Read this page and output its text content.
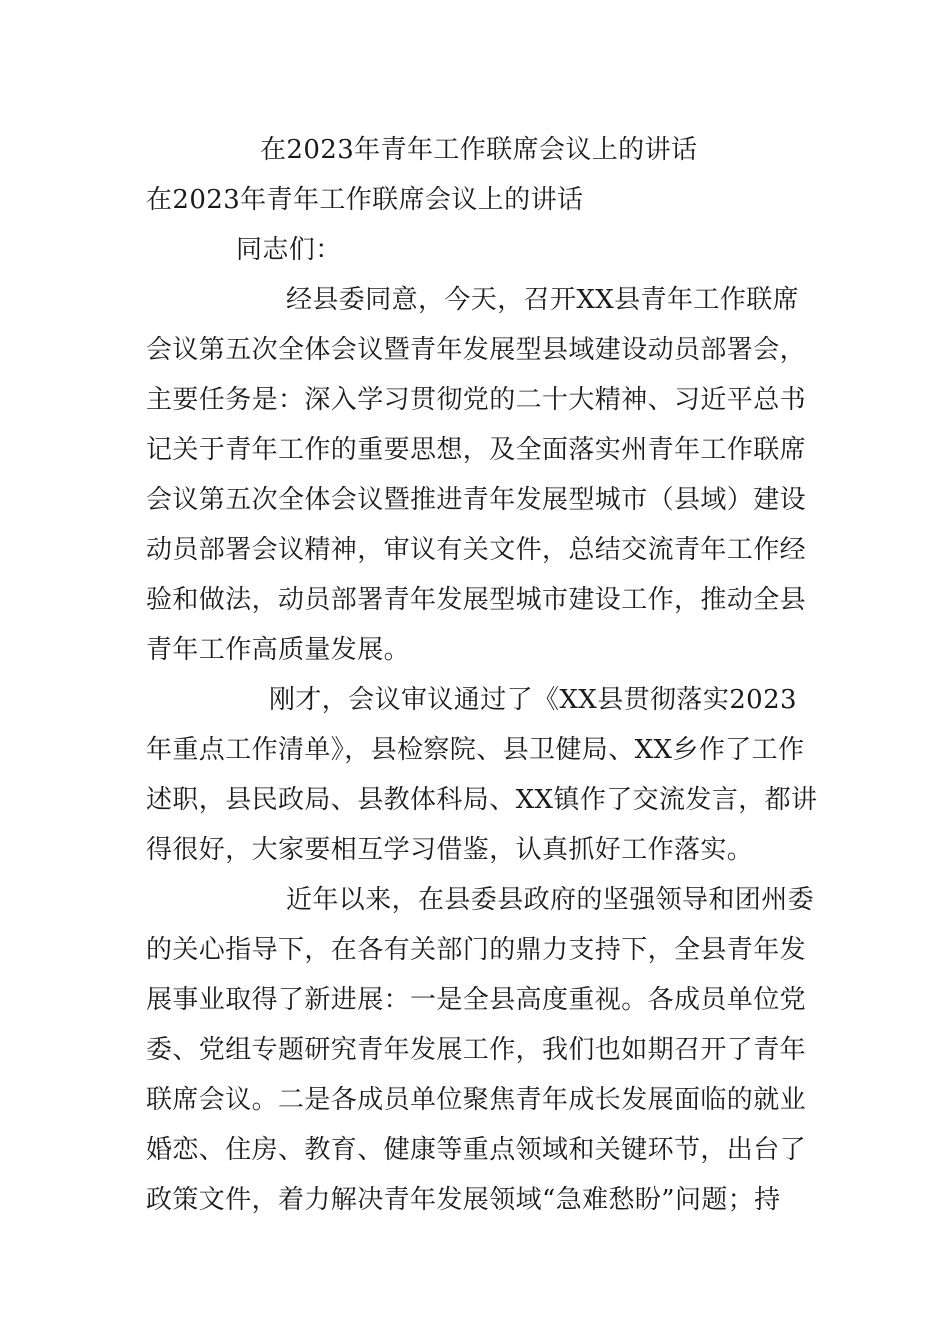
在2023年青年工作联席会议上的讲话
在2023年青年工作联席会议上的讲话
同志们：
经县委同意，今天，召开XX县青年工作联席
会议第五次全体会议暨青年发展型县域建设动员部署会，
主要任务是：深入学习贯彻党的二十大精神、习近平总书
记关于青年工作的重要思想，及全面落实州青年工作联席
会议第五次全体会议暨推进青年发展型城市（县域）建设
动员部署会议精神，审议有关文件，总结交流青年工作经
验和做法，动员部署青年发展型城市建设工作，推动全县
青年工作高质量发展。
刚才，会议审议通过了《XX县贯彻落实2023
年重点工作清单》，县检察院、县卫健局、XX乡作了工作
述职，县民政局、县教体科局、XX镇作了交流发言，都讲
得很好，大家要相互学习借鉴，认真抓好工作落实。
近年以来，在县委县政府的坚强领导和团州委
的关心指导下，在各有关部门的鼎力支持下，全县青年发
展事业取得了新进展：一是全县高度重视。各成员单位党
委、党组专题研究青年发展工作，我们也如期召开了青年
联席会议。二是各成员单位聚焦青年成长发展面临的就业
婚恋、住房、教育、健康等重点领域和关键环节，出台了
政策文件，着力解决青年发展领域“急难愁盼”问题；持
